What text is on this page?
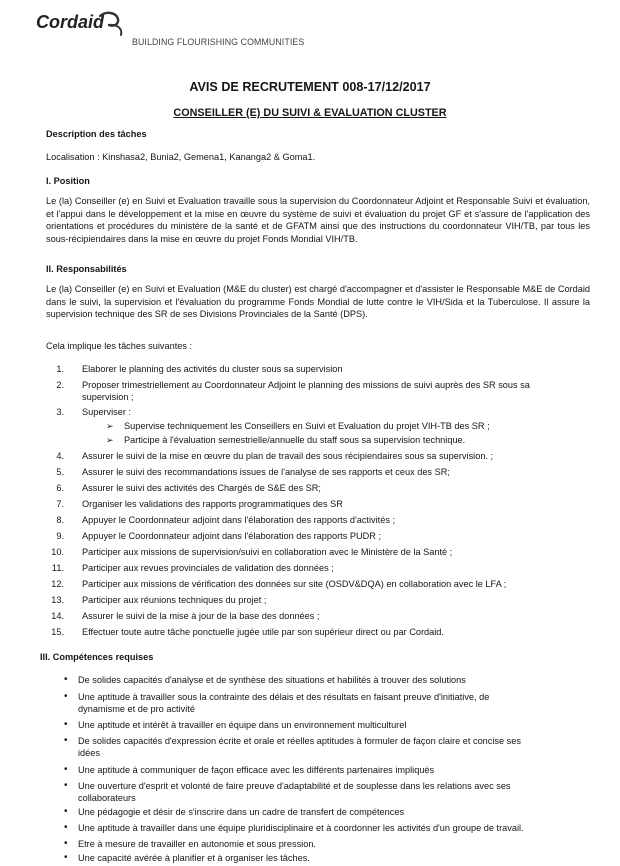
Cordaid
BUILDING FLOURISHING COMMUNITIES
AVIS DE RECRUTEMENT 008-17/12/2017
CONSEILLER (E) DU SUIVI & EVALUATION CLUSTER
Description des tâches
Localisation : Kinshasa2, Bunia2, Gemena1, Kananga2 & Goma1.
I. Position
Le (la) Conseiller (e) en Suivi et Evaluation travaille sous la supervision du Coordonnateur Adjoint et Responsable Suivi et évaluation, et l'appui dans le développement et la mise en œuvre du système de suivi et évaluation du projet GF et s'assure de l'application des orientations et procédures du ministère de la santé et de GFATM ainsi que des instructions du coordonnateur VIH/TB, par tous les sous-récipiendaires dans la mise en œuvre du projet Fonds Mondial VIH/TB.
II. Responsabilités
Le (la) Conseiller (e) en Suivi et Evaluation (M&E du cluster) est chargé d'accompagner et d'assister le Responsable M&E de Cordaid dans le suivi, la supervision et l'évaluation du programme Fonds Mondial de lutte contre le VIH/Sida et la Tuberculose. Il assure la supervision technique des SR de ses Divisions Provinciales de la Santé (DPS).
Cela implique les tâches suivantes :
1. Elaborer le planning des activités du cluster sous sa supervision
2. Proposer trimestriellement au Coordonnateur Adjoint le planning des missions de suivi auprès des SR sous sa
supervision ;
3. Superviser :
➢ Supervise techniquement les Conseillers en Suivi et Evaluation du projet VIH-TB des SR ;
➢ Participe à l'évaluation semestrielle/annuelle du staff sous sa supervision technique.
4. Assurer le suivi de la mise en œuvre du plan de travail des sous récipiendaires sous sa supervision. ;
5. Assurer le suivi des recommandations issues de l'analyse de ses rapports et ceux des SR;
6. Assurer le suivi des activités des Chargés de S&E des SR;
7. Organiser les validations des rapports programmatiques des SR
8. Appuyer le Coordonnateur adjoint dans l'élaboration des rapports d'activités ;
9. Appuyer le Coordonnateur adjoint dans l'élaboration des rapports PUDR ;
10. Participer aux missions de supervision/suivi en collaboration avec le Ministère de la Santé ;
11. Participer aux revues provinciales de validation des données ;
12. Participer aux missions de vérification des données sur site (OSDV&DQA) en collaboration avec le LFA ;
13. Participer aux réunions techniques du projet ;
14. Assurer le suivi de la mise à jour de la base des données ;
15. Effectuer toute autre tâche ponctuelle jugée utile par son supérieur direct ou par Cordaid.
III. Compétences requises
• De solides capacités d'analyse et de synthèse des situations et habilités à trouver des solutions
• Une aptitude à travailler sous la contrainte des délais et des résultats en faisant preuve d'initiative, de
dynamisme et de pro activité
• Une aptitude et intérêt à travailler en équipe dans un environnement multiculturel
• De solides capacités d'expression écrite et orale et réelles aptitudes à formuler de façon claire et concise ses
idées
• Une aptitude à communiquer de façon efficace avec les différents partenaires impliqués
• Une ouverture d'esprit et volonté de faire preuve d'adaptabilité et de souplesse dans les relations avec ses
collaborateurs
• Une pédagogie et désir de s'inscrire dans un cadre de transfert de compétences
• Une aptitude à travailler dans une équipe pluridisciplinaire et à coordonner les activités d'un groupe de travail.
• Etre à mesure de travailler en autonomie et sous pression.
• Une capacité avérée à planifier et à organiser les tâches.
